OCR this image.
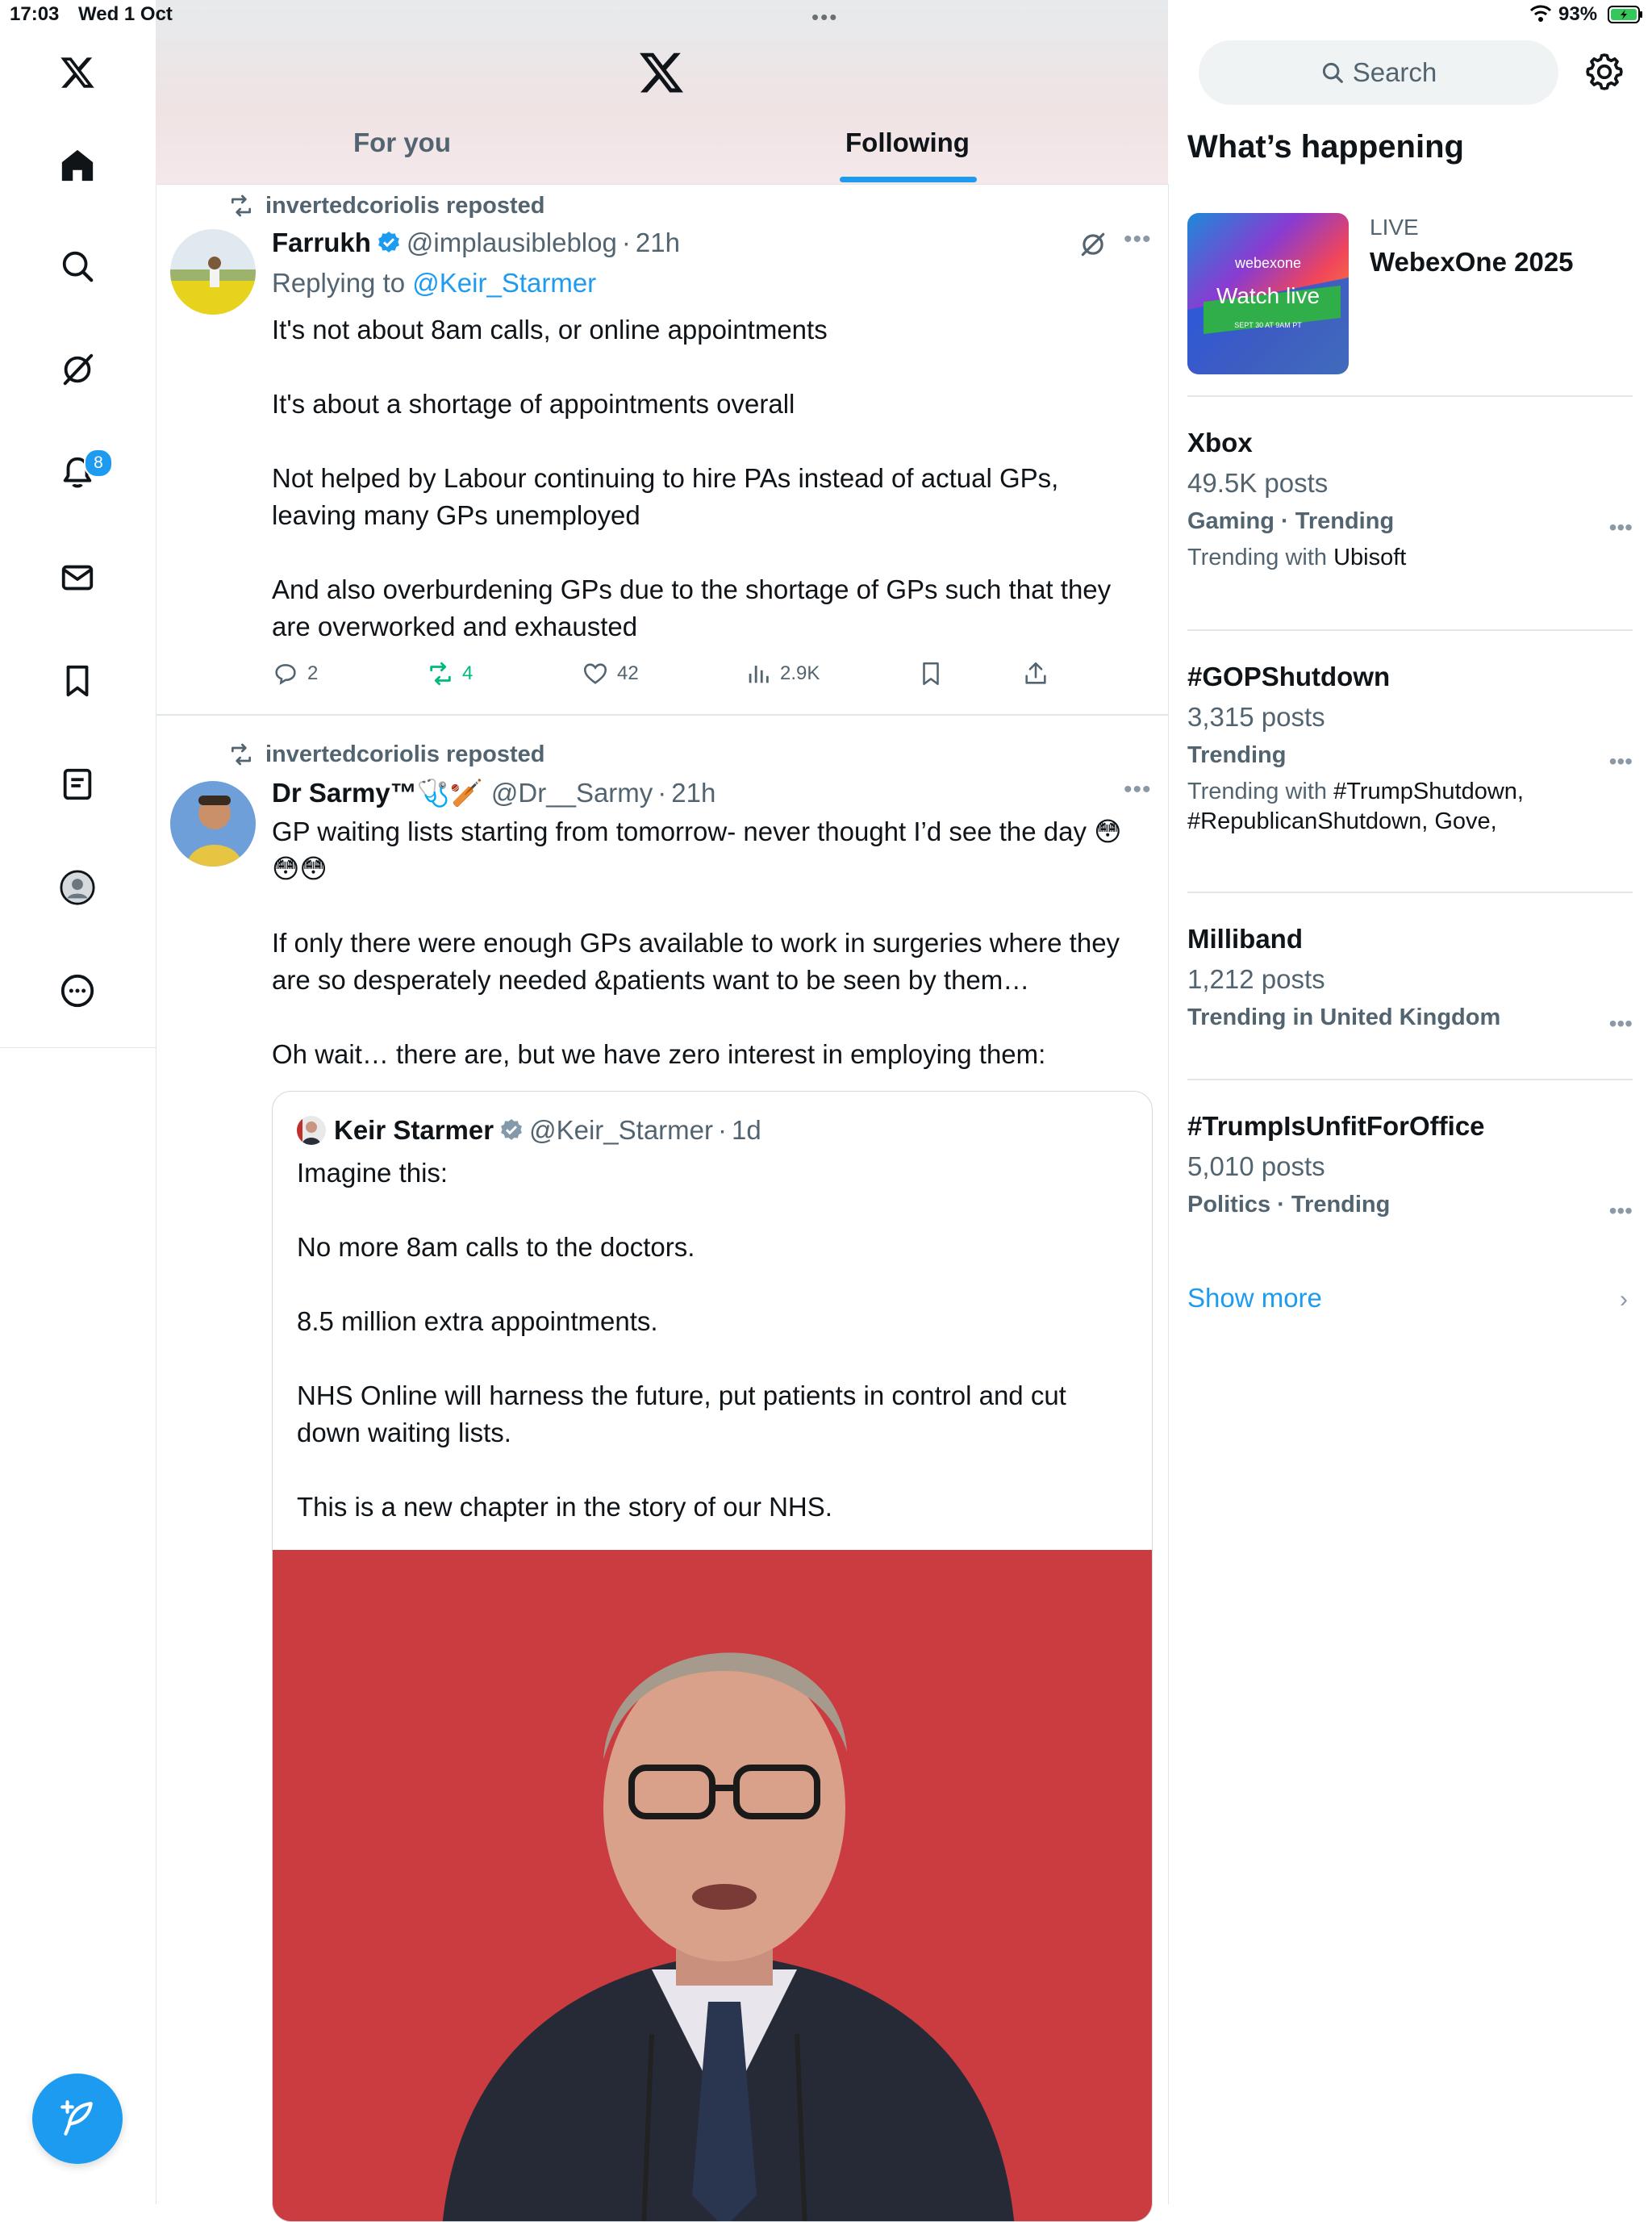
17:03 Wed 1 Oct	•••	93%
8
For you	Following
invertedcoriolis reposted
Farrukh @implausibleblog · 21h	•••

Replying to @Keir_Starmer

It's not about 8am calls, or online appointments

It's about a shortage of appointments overall

Not helped by Labour continuing to hire PAs instead of actual GPs, leaving many GPs unemployed

And also overburdening GPs due to the shortage of GPs such that they are overworked and exhausted

2	4	42	2.9K
invertedcoriolis reposted
Dr Sarmy™🩺🏏 @Dr__Sarmy · 21h	•••

GP waiting lists starting from tomorrow- never thought I’d see the day 😳😳😳

If only there were enough GPs available to work in surgeries where they are so desperately needed &patients want to be seen by them…

Oh wait… there are, but we have zero interest in employing them:

Keir Starmer @Keir_Starmer · 1d

Imagine this:

No more 8am calls to the doctors.

8.5 million extra appointments.

NHS Online will harness the future, put patients in control and cut down waiting lists.

This is a new chapter in the story of our NHS.

Search
What’s happening
webexone
Watch live
SEPT 30 AT 9AM PT
LIVE
WebexOne 2025
Xbox
49.5K posts
Gaming · Trending
Trending with Ubisoft
•••
#GOPShutdown
3,315 posts
Trending
Trending with #TrumpShutdown, #RepublicanShutdown, Gove,
•••
Milliband
1,212 posts
Trending in United Kingdom	•••
#TrumpIsUnfitForOffice
5,010 posts
Politics · Trending	•••
Show more	›
